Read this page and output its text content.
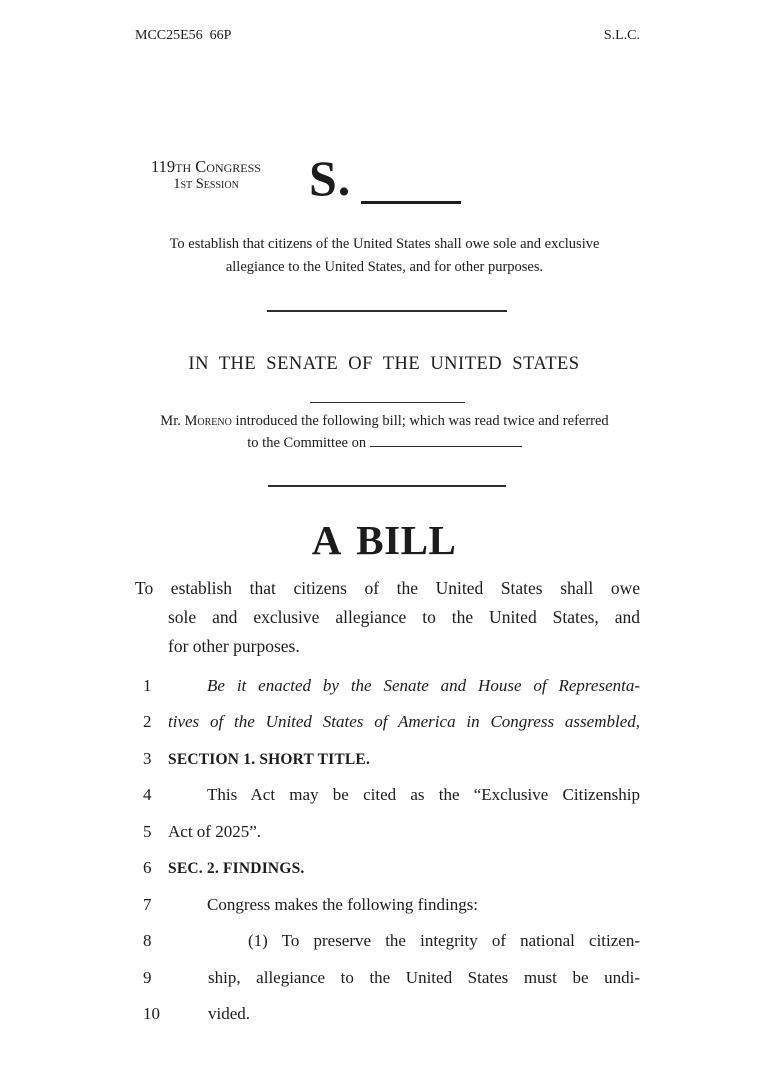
MCC25E56  66P	S.L.C.
119th Congress
1st Session	S.
To establish that citizens of the United States shall owe sole and exclusive
allegiance to the United States, and for other purposes.
IN THE SENATE OF THE UNITED STATES
Mr. Moreno introduced the following bill; which was read twice and referred
to the Committee on
A BILL
To establish that citizens of the United States shall owe
sole and exclusive allegiance to the United States, and
for other purposes.
1	Be it enacted by the Senate and House of Representa-
2 tives of the United States of America in Congress assembled,
3	SECTION 1. SHORT TITLE.
4	This Act may be cited as the “Exclusive Citizenship
5 Act of 2025”.
6	SEC. 2. FINDINGS.
7	Congress makes the following findings:
8	(1) To preserve the integrity of national citizen-
9	ship, allegiance to the United States must be undi-
10	vided.
